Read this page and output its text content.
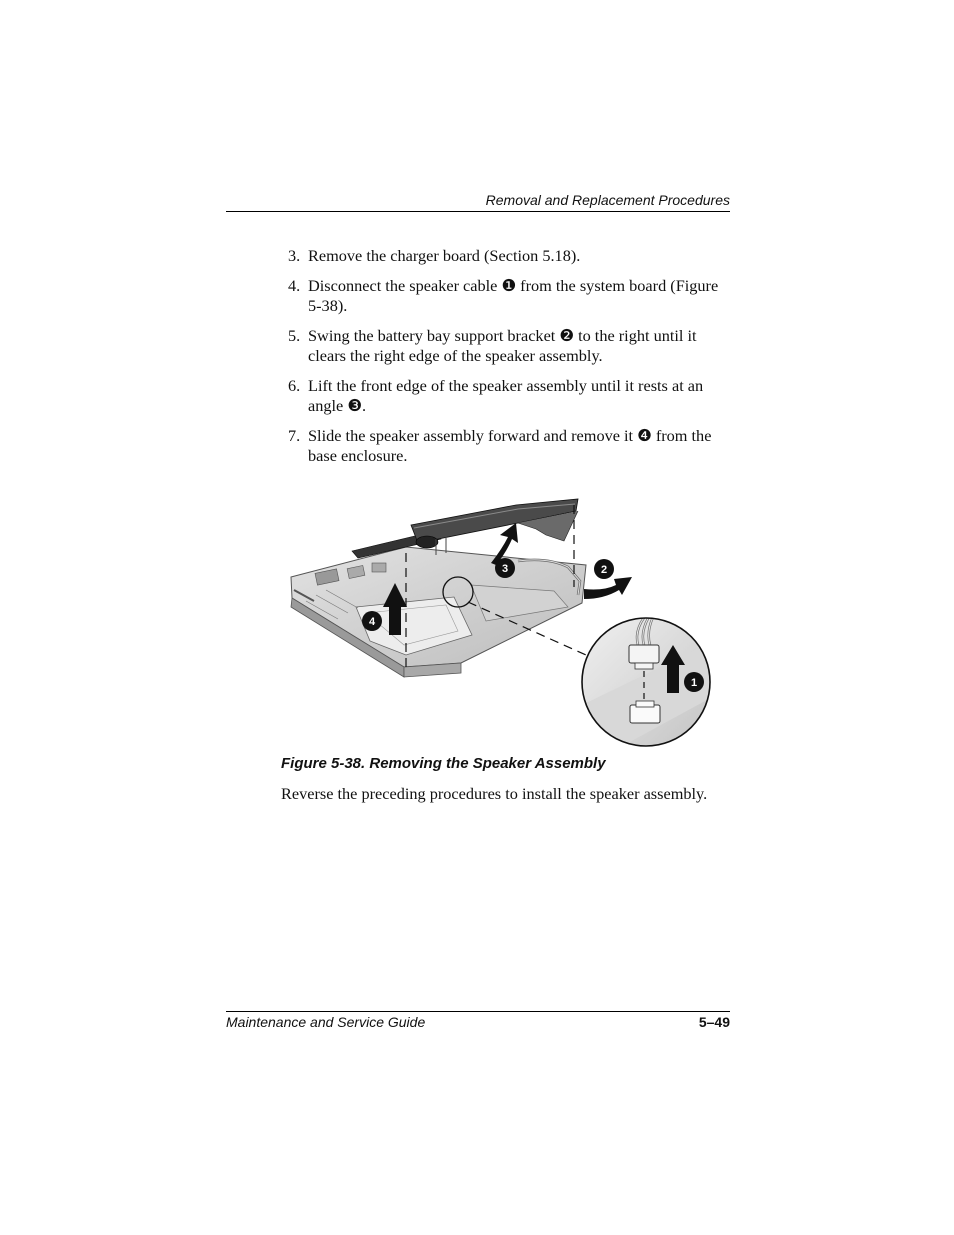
Removal and Replacement Procedures
3. Remove the charger board (Section 5.18).
4. Disconnect the speaker cable ❶ from the system board (Figure 5-38).
5. Swing the battery bay support bracket ❷ to the right until it clears the right edge of the speaker assembly.
6. Lift the front edge of the speaker assembly until it rests at an angle ❸.
7. Slide the speaker assembly forward and remove it ❹ from the base enclosure.
1
2
3
4
Figure 5-38. Removing the Speaker Assembly
Reverse the preceding procedures to install the speaker assembly.
Maintenance and Service Guide	5–49
